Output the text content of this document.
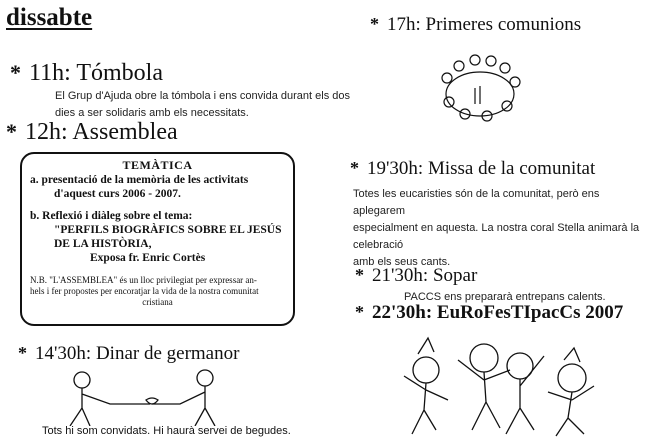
dissabte
* 11h: Tómbola
El Grup d'Ajuda obre la tómbola i ens convida durant els dos
dies a ser solidaris amb els necessitats.
* 12h: Assemblea
TEMÀTICA
a. presentació de la memòria de les activitats
d'aquest curs 2006 - 2007.
b. Reflexió i diàleg sobre el tema:
"PERFILS BIOGRÀFICS SOBRE EL JESÚS
DE LA HISTÒRIA,
Exposa fr. Enric Cortès
N.B. "L'ASSEMBLEA" és un lloc privilegiat per expressar an-
hels i fer propostes per encoratjar la vida de la nostra comunitat
cristiana
* 14'30h: Dinar de germanor
Tots hi som convidats. Hi haurà servei de begudes.
* 17h: Primeres comunions
* 19'30h: Missa de la comunitat
Totes les eucaristies són de la comunitat, però ens aplegarem
especialment en aquesta. La nostra coral Stella animarà la celebració
amb els seus cants.
* 21'30h: Sopar
PACCS ens prepararà entrepans calents.
* 22'30h: EuRoFesTIpacCs 2007
